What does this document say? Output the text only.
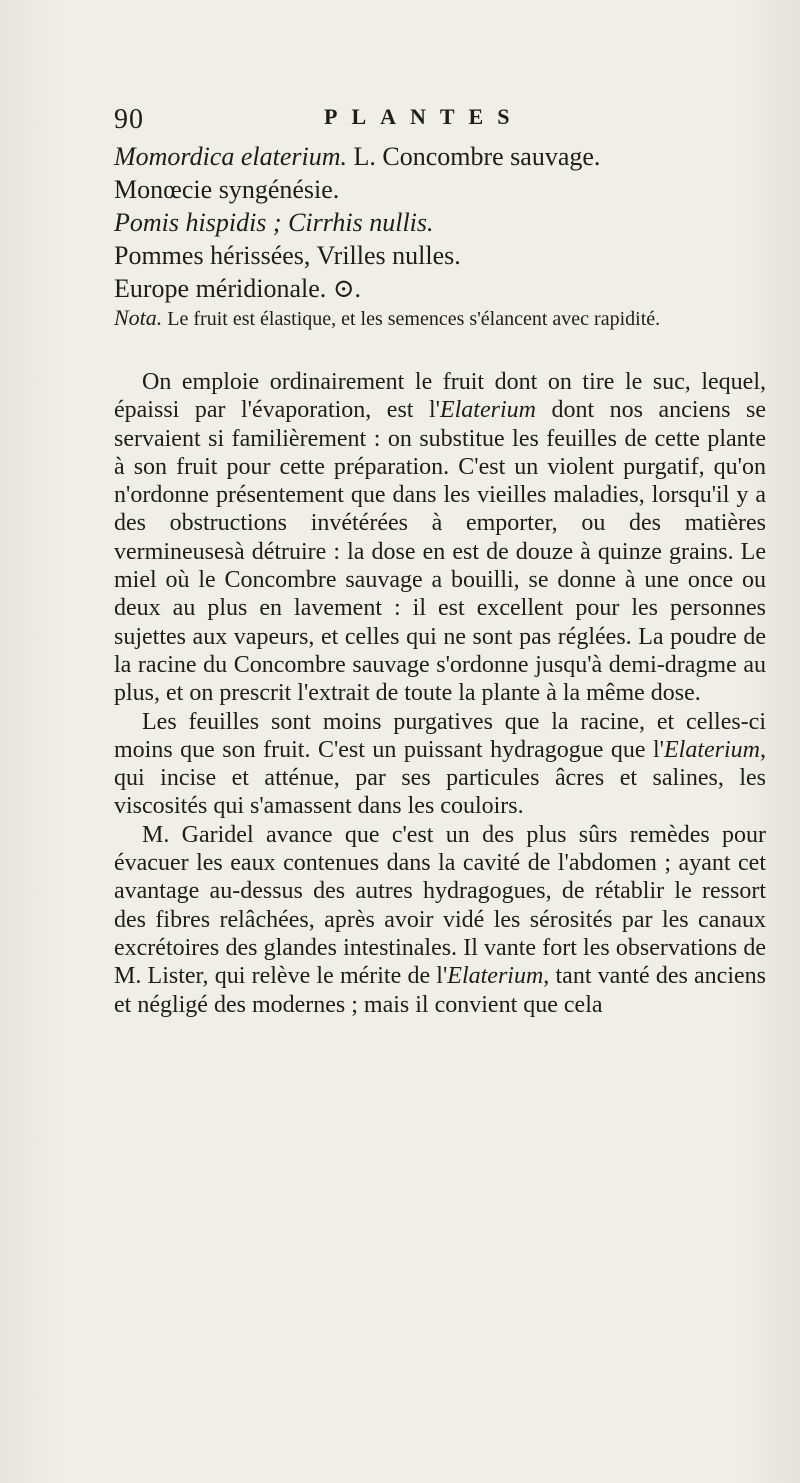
90	PLANTES
Momordica elaterium. L. Concombre sauvage.
Monœcie syngénésie.
Pomis hispidis ; Cirrhis nullis.
Pommes hérissées, Vrilles nulles.
Europe méridionale. ⊙.
Nota. Le fruit est élastique, et les semences s'élancent avec rapidité.

On emploie ordinairement le fruit dont on tire le suc, lequel, épaissi par l'évaporation, est l'Elaterium dont nos anciens se servaient si familièrement : on substitue les feuilles de cette plante à son fruit pour cette préparation. C'est un violent purgatif, qu'on n'ordonne présentement que dans les vieilles maladies, lorsqu'il y a des obstructions invétérées à emporter, ou des matières vermineusesà détruire : la dose en est de douze à quinze grains. Le miel où le Concombre sauvage a bouilli, se donne à une once ou deux au plus en lavement : il est excellent pour les personnes sujettes aux vapeurs, et celles qui ne sont pas réglées. La poudre de la racine du Concombre sauvage s'ordonne jusqu'à demi-dragme au plus, et on prescrit l'extrait de toute la plante à la même dose.

Les feuilles sont moins purgatives que la racine, et celles-ci moins que son fruit. C'est un puissant hydragogue que l'Elaterium, qui incise et atténue, par ses particules âcres et salines, les viscosités qui s'amassent dans les couloirs.

M. Garidel avance que c'est un des plus sûrs remèdes pour évacuer les eaux contenues dans la cavité de l'abdomen ; ayant cet avantage au-dessus des autres hydragogues, de rétablir le ressort des fibres relâchées, après avoir vidé les sérosités par les canaux excrétoires des glandes intestinales. Il vante fort les observations de M. Lister, qui relève le mérite de l'Elaterium, tant vanté des anciens et négligé des modernes ; mais il convient que cela
